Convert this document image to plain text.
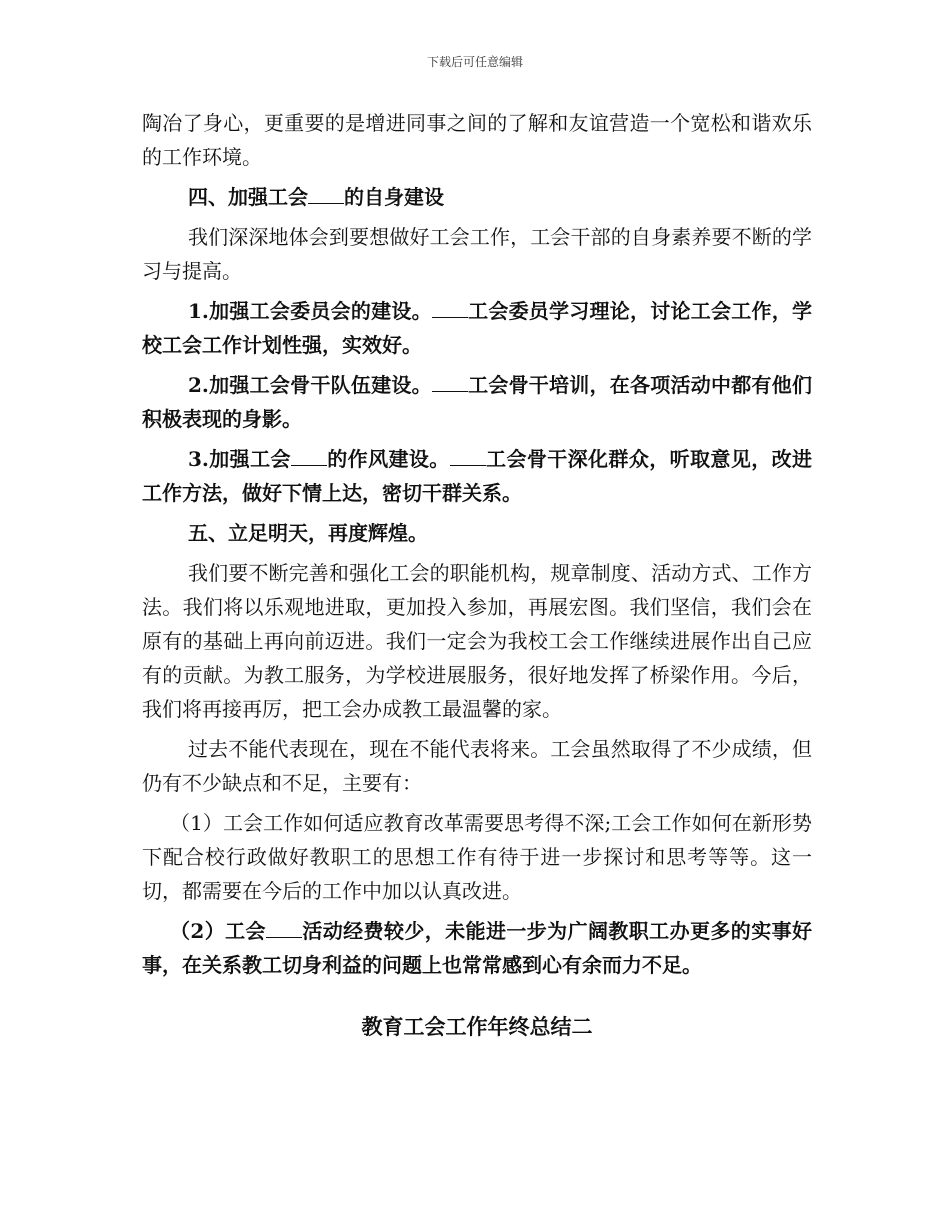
下载后可任意编辑

陶冶了身心，更重要的是增进同事之间的了解和友谊营造一个宽松和谐欢乐的工作环境。

四、加强工会 的自身建设

我们深深地体会到要想做好工会工作，工会干部的自身素养要不断的学习与提高。

1.加强工会委员会的建设。 工会委员学习理论，讨论工会工作，学校工会工作计划性强，实效好。

2.加强工会骨干队伍建设。 工会骨干培训，在各项活动中都有他们积极表现的身影。

3.加强工会 的作风建设。 工会骨干深化群众，听取意见，改进工作方法，做好下情上达，密切干群关系。

五、立足明天，再度辉煌。

我们要不断完善和强化工会的职能机构，规章制度、活动方式、工作方法。我们将以乐观地进取，更加投入参加，再展宏图。我们坚信，我们会在原有的基础上再向前迈进。我们一定会为我校工会工作继续进展作出自己应有的贡献。为教工服务，为学校进展服务，很好地发挥了桥梁作用。今后，我们将再接再厉，把工会办成教工最温馨的家。

过去不能代表现在，现在不能代表将来。工会虽然取得了不少成绩，但仍有不少缺点和不足，主要有：

（1）工会工作如何适应教育改革需要思考得不深;工会工作如何在新形势下配合校行政做好教职工的思想工作有待于进一步探讨和思考等等。这一切，都需要在今后的工作中加以认真改进。

（2）工会 活动经费较少，未能进一步为广阔教职工办更多的实事好事，在关系教工切身利益的问题上也常常感到心有余而力不足。

教育工会工作年终总结二
